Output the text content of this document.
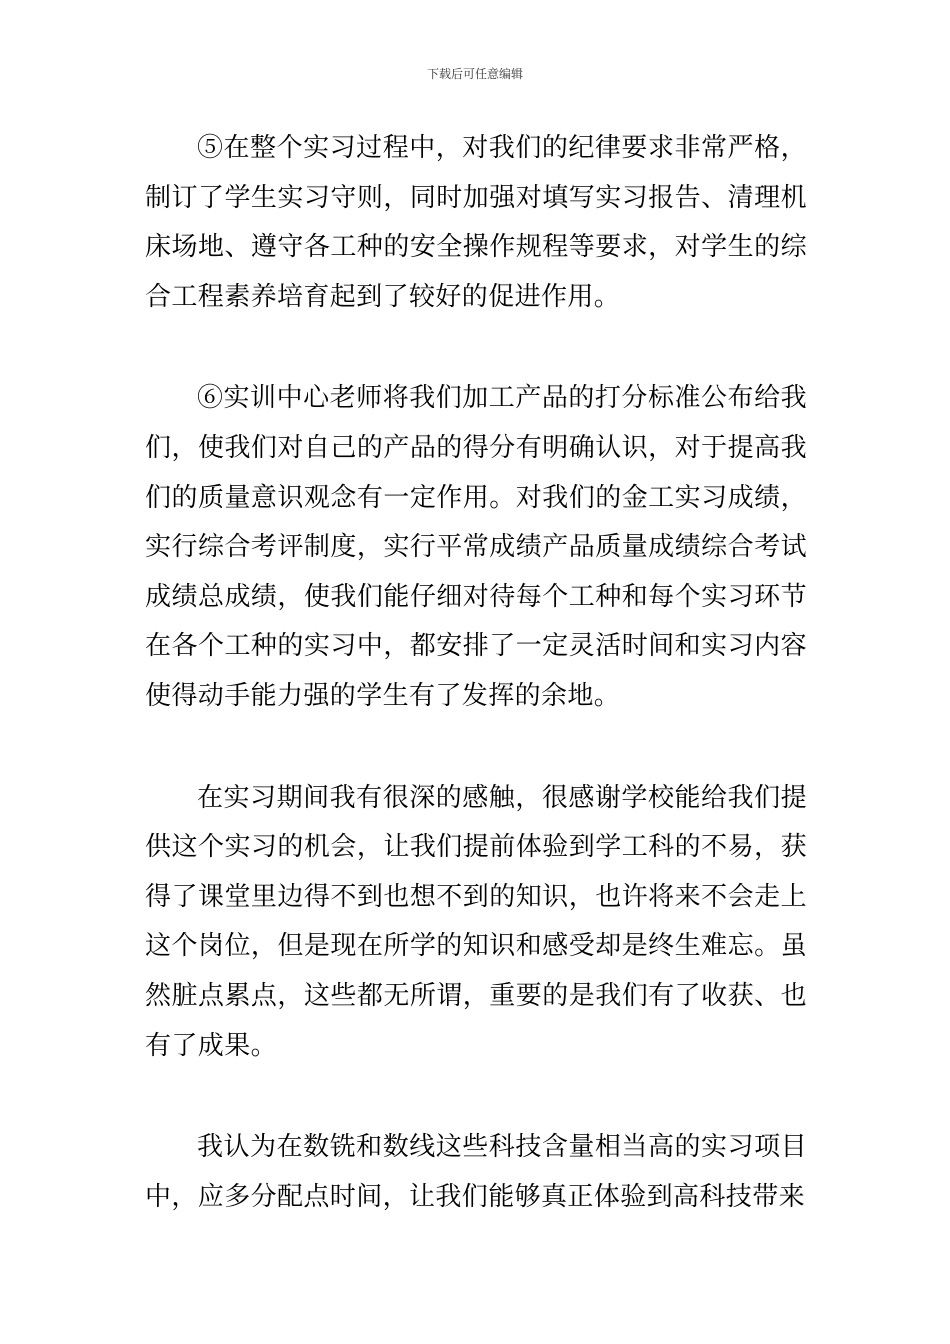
下载后可任意编辑

⑤在整个实习过程中，对我们的纪律要求非常严格，制订了学生实习守则，同时加强对填写实习报告、清理机床场地、遵守各工种的安全操作规程等要求，对学生的综合工程素养培育起到了较好的促进作用。

⑥实训中心老师将我们加工产品的打分标准公布给我们，使我们对自己的产品的得分有明确认识，对于提高我们的质量意识观念有一定作用。对我们的金工实习成绩，实行综合考评制度，实行平常成绩产品质量成绩综合考试成绩总成绩，使我们能仔细对待每个工种和每个实习环节在各个工种的实习中，都安排了一定灵活时间和实习内容使得动手能力强的学生有了发挥的余地。

在实习期间我有很深的感触，很感谢学校能给我们提供这个实习的机会，让我们提前体验到学工科的不易，获得了课堂里边得不到也想不到的知识，也许将来不会走上这个岗位，但是现在所学的知识和感受却是终生难忘。虽然脏点累点，这些都无所谓，重要的是我们有了收获、也有了成果。

我认为在数铣和数线这些科技含量相当高的实习项目中，应多分配点时间，让我们能够真正体验到高科技带来
